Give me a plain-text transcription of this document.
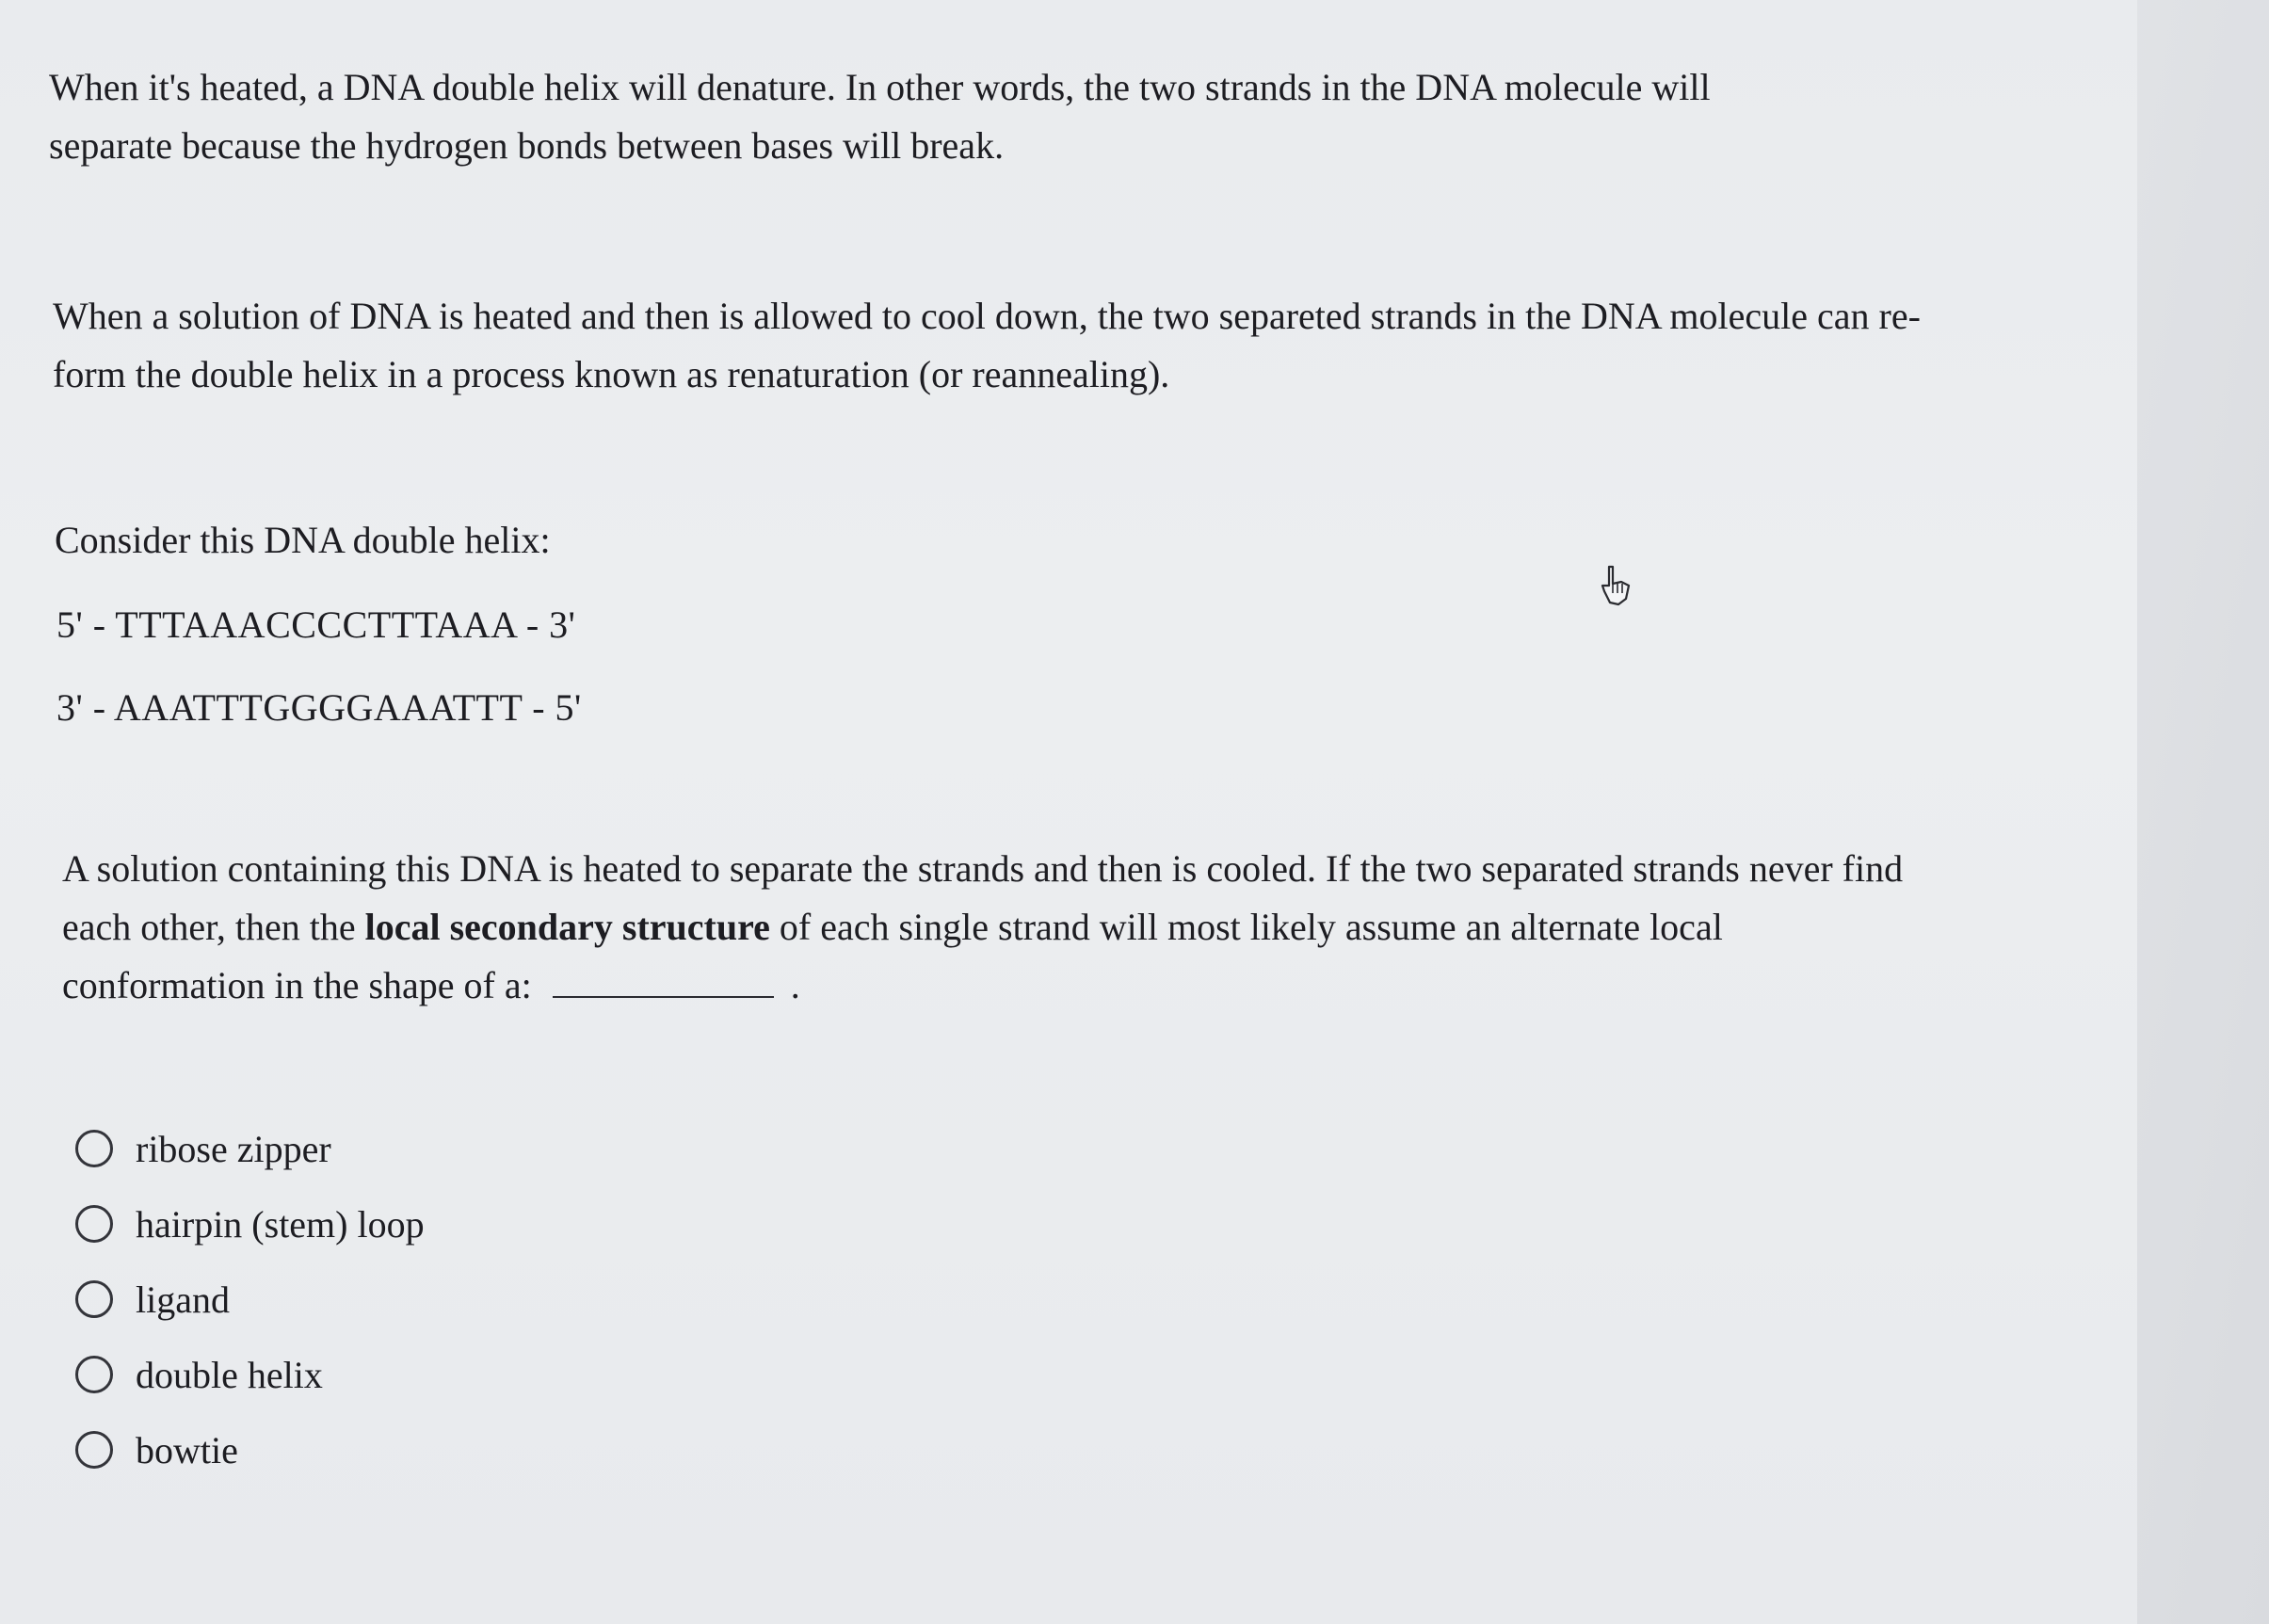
When it's heated, a DNA double helix will denature. In other words, the two strands in the DNA molecule will
separate because the hydrogen bonds between bases will break.

When a solution of DNA is heated and then is allowed to cool down, the two separeted strands in the DNA molecule can re-
form the double helix in a process known as renaturation (or reannealing).

Consider this DNA double helix:
5' - TTTAAACCCCTTTAAA - 3'
3' - AAATTTGGGGAAATTT - 5'

A solution containing this DNA is heated to separate the strands and then is cooled. If the two separated strands never find
each other, then the local secondary structure of each single strand will most likely assume an alternate local
conformation in the shape of a:	.

ribose zipper
hairpin (stem) loop
ligand
double helix
bowtie
